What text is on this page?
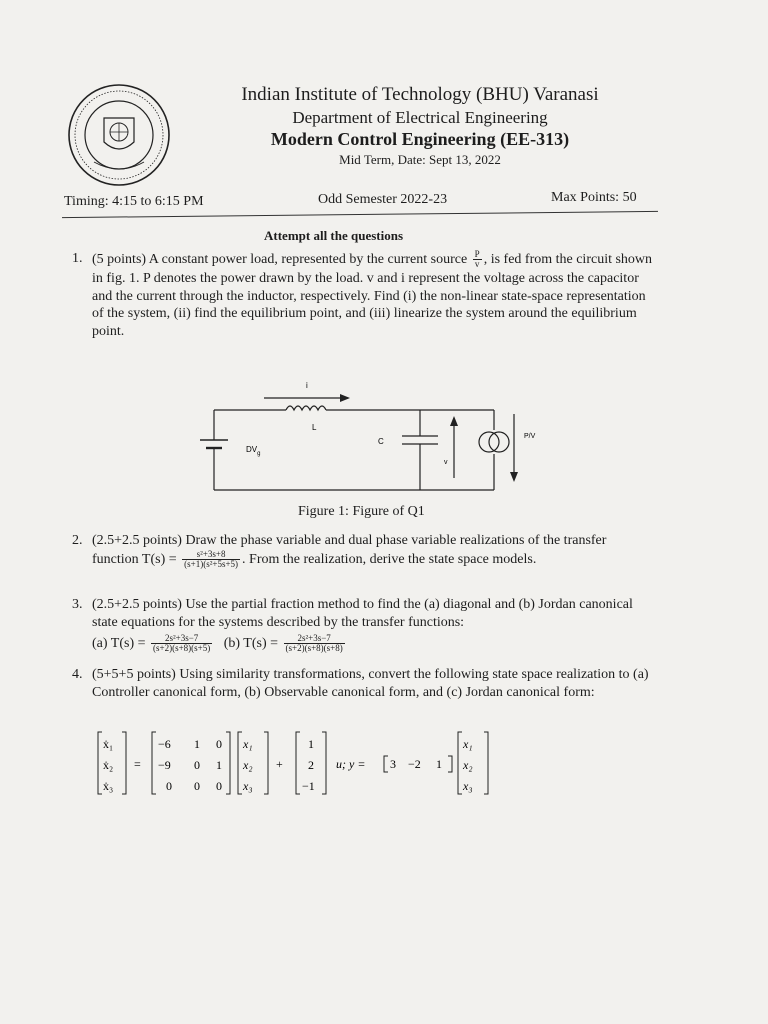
Indian Institute of Technology (BHU) Varanasi
Department of Electrical Engineering
Modern Control Engineering (EE-313)
Mid Term, Date: Sept 13, 2022
Timing: 4:15 to 6:15 PM	Odd Semester 2022-23	Max Points: 50
Attempt all the questions
1. (5 points) A constant power load, represented by the current source $\frac{P}{v}$ , is fed from the circuit shown in fig. 1. P denotes the power drawn by the load. v and i represent the voltage across the capacitor and the current through the inductor, respectively. Find (i) the non-linear state-space representation of the system, (ii) find the equilibrium point, and (iii) linearize the system around the equilibrium point.
i
L
$DV_g$
C
v
P/V
Figure 1: Figure of Q1
2. (2.5+2.5 points) Draw the phase variable and dual phase variable realizations of the transfer function $T(s) = \frac{\text{s²+3s+8}}{\text{(s+1)(s²+5s+5)}}$ . From the realization, derive the state space models.
3. (2.5+2.5 points) Use the partial fraction method to find the (a) diagonal and (b) Jordan canonical state equations for the systems described by the transfer functions:
(a) $T(s) = \frac{\text{2s²+3s−7}}{(s+2)(s+8)(s+5)} (b) T(s) = \frac{\text{2s²+3s−7}}{(s+2)(s+8)(s+8)}$
4. (5+5+5 points) Using similarity transformations, convert the following state space realization to (a) Controller canonical form, (b) Observable canonical form, and (c) Jordan canonical form:
ẋ₁
ẋ₂
ẋ₃
=
−6 1 0
−9 0 1
0 0 0
x₁
x₂
x₃
+
1
2
−1
u; y = 3 −2 1
x₁
x₂
x₃
